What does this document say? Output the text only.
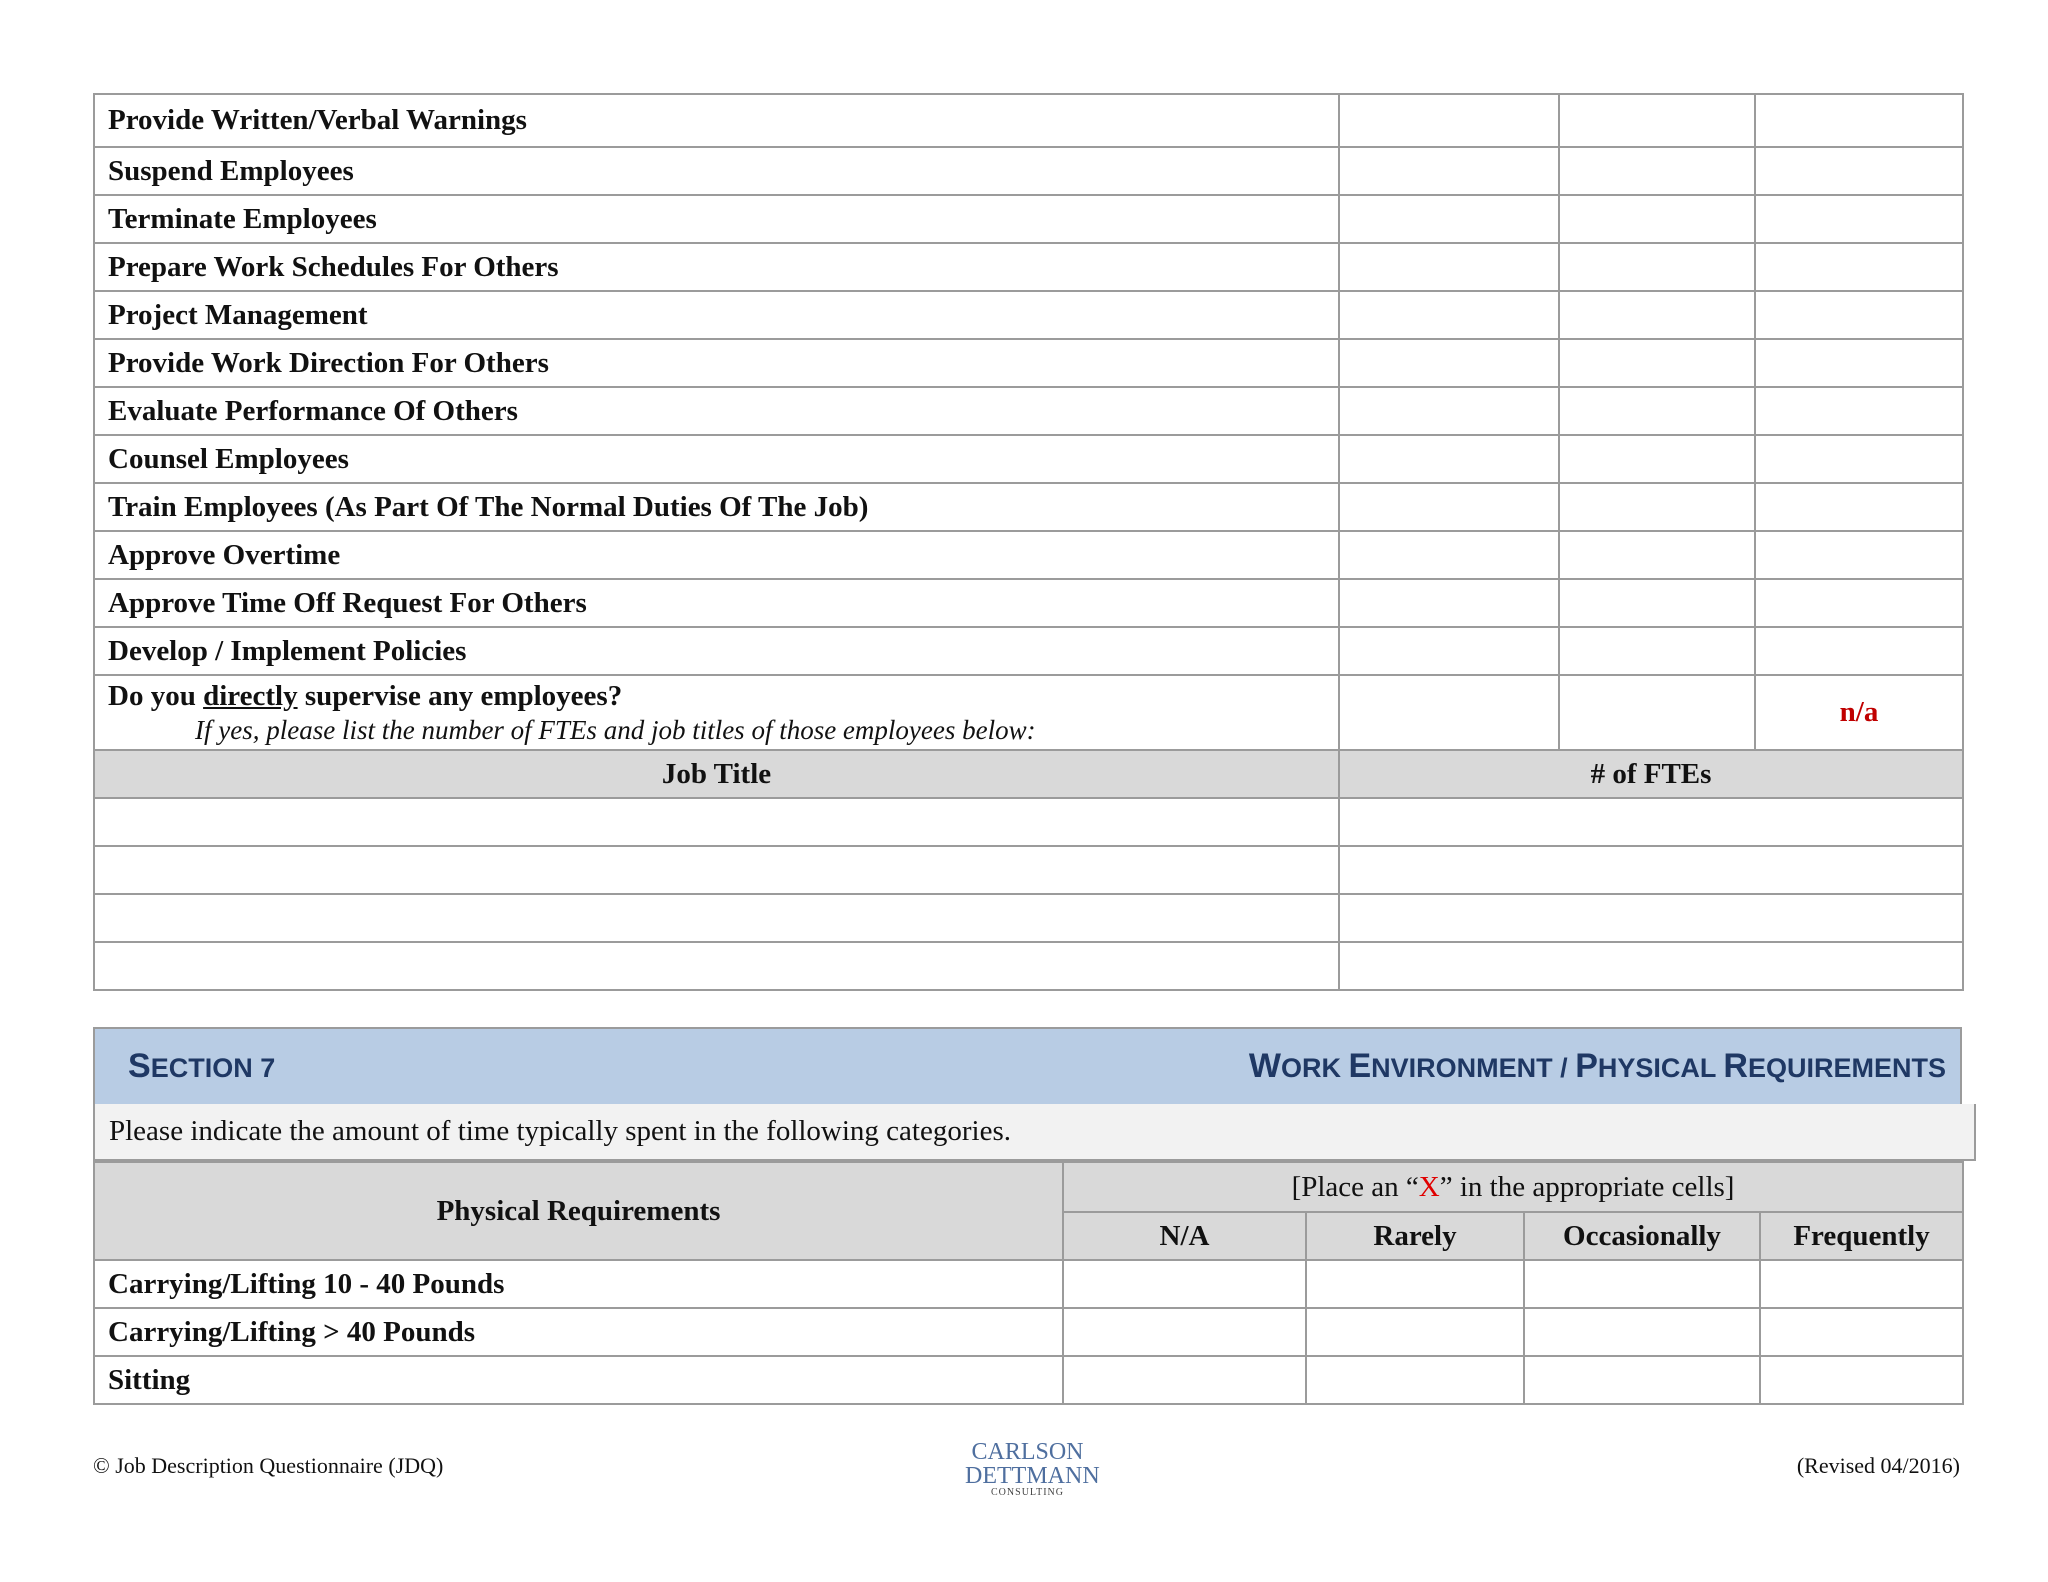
Provide Written/Verbal Warnings			
Suspend Employees			
Terminate Employees			
Prepare Work Schedules For Others			
Project Management			
Provide Work Direction For Others			
Evaluate Performance Of Others			
Counsel Employees			
Train Employees (As Part Of The Normal Duties Of The Job)			
Approve Overtime			
Approve Time Off Request For Others			
Develop / Implement Policies			

Do you directly supervise any employees?
If yes, please list the number of FTEs and job titles of those employees below:			n/a
Job Title	# of FTEs		

SECTION 7	WORK ENVIRONMENT / PHYSICAL REQUIREMENTS
Please indicate the amount of time typically spent in the following categories.
Physical Requirements	[Place an “X” in the appropriate cells]			
	N/A	Rarely	Occasionally	Frequently
Carrying/Lifting 10 - 40 Pounds				
Carrying/Lifting > 40 Pounds				
Sitting				
© Job Description Questionnaire (JDQ)
CARLSON
DETTMANN
CONSULTING
(Revised 04/2016)
